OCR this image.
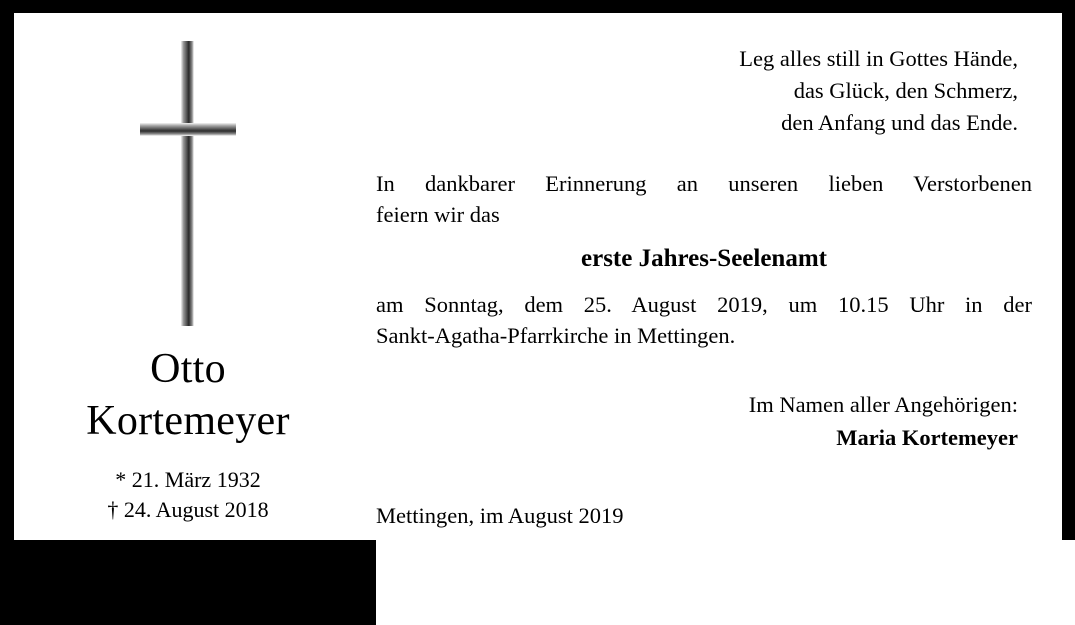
Otto
Kortemeyer
* 21. März 1932
† 24. August 2018
Leg alles still in Gottes Hände,
das Glück, den Schmerz,
den Anfang und das Ende.
In dankbarer Erinnerung an unseren lieben Verstorbenen
feiern wir das
erste Jahres-Seelenamt
am Sonntag, dem 25. August 2019, um 10.15 Uhr in der
Sankt-Agatha-Pfarrkirche in Mettingen.
Im Namen aller Angehörigen:
Maria Kortemeyer
Mettingen, im August 2019
